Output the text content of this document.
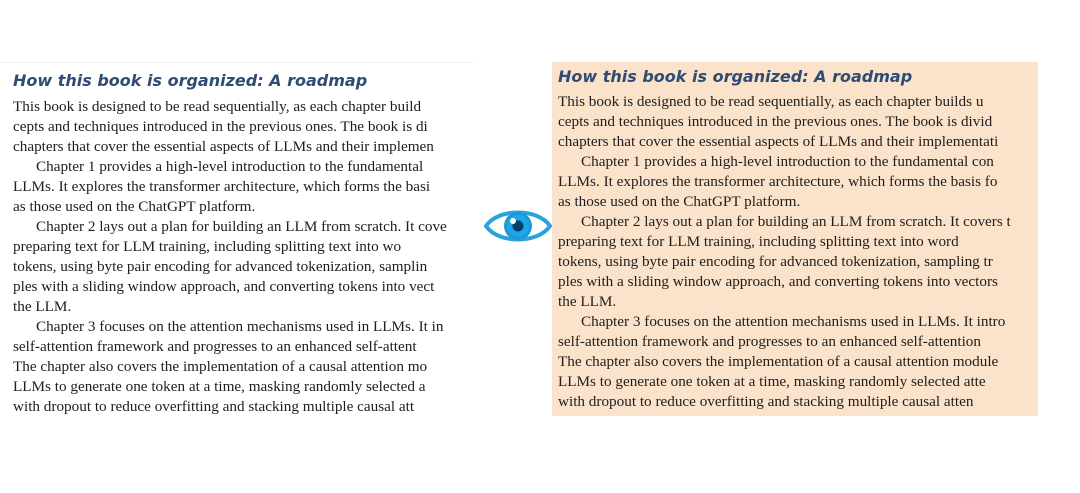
How this book is organized: A roadmap
This book is designed to be read sequentially, as each chapter build
cepts and techniques introduced in the previous ones. The book is di
chapters that cover the essential aspects of LLMs and their implemen
Chapter 1 provides a high-level introduction to the fundamental
LLMs. It explores the transformer architecture, which forms the basi
as those used on the ChatGPT platform.
Chapter 2 lays out a plan for building an LLM from scratch. It cove
preparing text for LLM training, including splitting text into wo
tokens, using byte pair encoding for advanced tokenization, samplin
ples with a sliding window approach, and converting tokens into vect
the LLM.
Chapter 3 focuses on the attention mechanisms used in LLMs. It in
self-attention framework and progresses to an enhanced self-attent
The chapter also covers the implementation of a causal attention mo
LLMs to generate one token at a time, masking randomly selected a
with dropout to reduce overfitting and stacking multiple causal att
How this book is organized: A roadmap
This book is designed to be read sequentially, as each chapter builds u
cepts and techniques introduced in the previous ones. The book is divid
chapters that cover the essential aspects of LLMs and their implementati
Chapter 1 provides a high-level introduction to the fundamental con
LLMs. It explores the transformer architecture, which forms the basis fo
as those used on the ChatGPT platform.
Chapter 2 lays out a plan for building an LLM from scratch. It covers t
preparing text for LLM training, including splitting text into word
tokens, using byte pair encoding for advanced tokenization, sampling tr
ples with a sliding window approach, and converting tokens into vectors
the LLM.
Chapter 3 focuses on the attention mechanisms used in LLMs. It intro
self-attention framework and progresses to an enhanced self-attention
The chapter also covers the implementation of a causal attention module
LLMs to generate one token at a time, masking randomly selected atte
with dropout to reduce overfitting and stacking multiple causal atten
